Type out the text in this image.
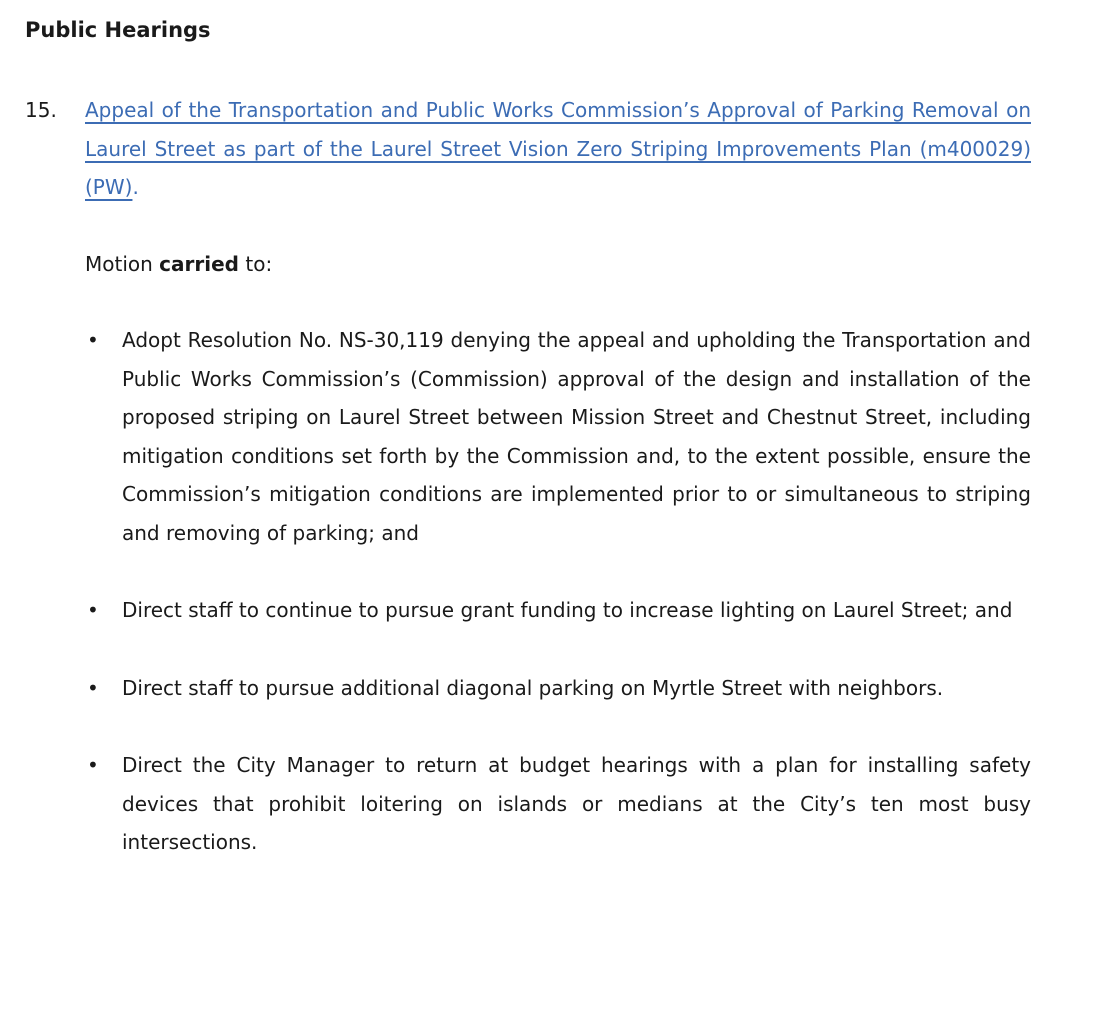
Public Hearings
15.	Appeal of the Transportation and Public Works Commission’s Approval of Parking Removal on Laurel Street as part of the Laurel Street Vision Zero Striping Improvements Plan (m400029) (PW).

Motion carried to:

• Adopt Resolution No. NS-30,119 denying the appeal and upholding the Transportation and Public Works Commission’s (Commission) approval of the design and installation of the proposed striping on Laurel Street between Mission Street and Chestnut Street, including mitigation conditions set forth by the Commission and, to the extent possible, ensure the Commission’s mitigation conditions are implemented prior to or simultaneous to striping and removing of parking; and
• Direct staff to continue to pursue grant funding to increase lighting on Laurel Street; and
• Direct staff to pursue additional diagonal parking on Myrtle Street with neighbors.
• Direct the City Manager to return at budget hearings with a plan for installing safety devices that prohibit loitering on islands or medians at the City’s ten most busy intersections.
